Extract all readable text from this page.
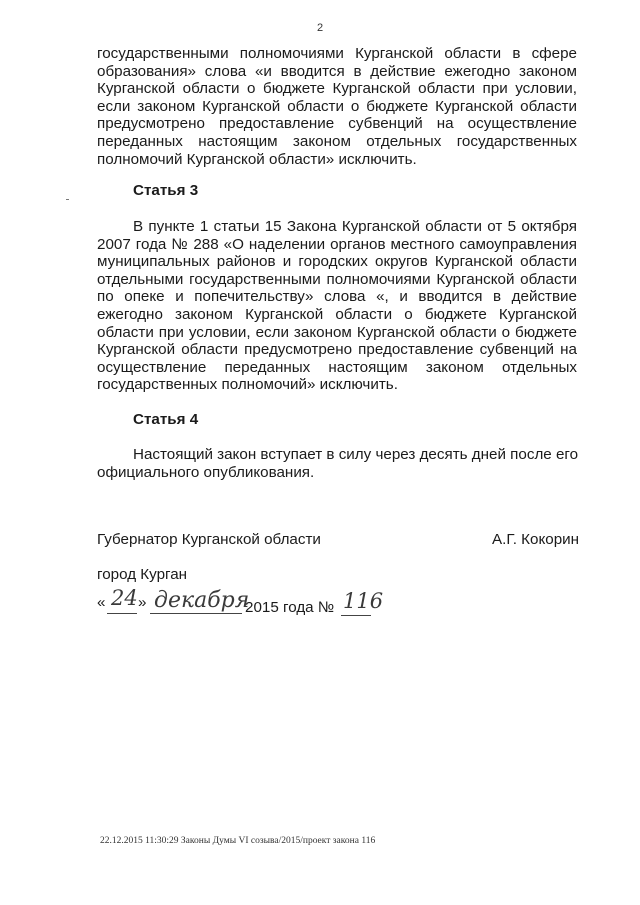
2
государственными полномочиями Курганской области в сфере
образования» слова «и вводится в действие ежегодно законом
Курганской области о бюджете Курганской области при условии,
если законом Курганской области о бюджете Курганской области
предусмотрено предоставление субвенций на осуществление
переданных настоящим законом отдельных государственных
полномочий Курганской области» исключить.
Статья 3
В пункте 1 статьи 15 Закона Курганской области от 5 октября
2007 года № 288 «О наделении органов местного самоуправления
муниципальных районов и городских округов Курганской области
отдельными государственными полномочиями Курганской области
по опеке и попечительству» слова «, и вводится в действие
ежегодно законом Курганской области о бюджете Курганской
области при условии, если законом Курганской области о бюджете
Курганской области предусмотрено предоставление субвенций на
осуществление переданных настоящим законом отдельных
государственных полномочий» исключить.
Статья 4
Настоящий закон вступает в силу через десять дней после его
официального опубликования.
Губернатор Курганской области	А.Г. Кокорин
город Курган
« 24 » декабря
2015 года № 116
22.12.2015 11:30:29 Законы Думы VI созыва/2015/проект закона 116
